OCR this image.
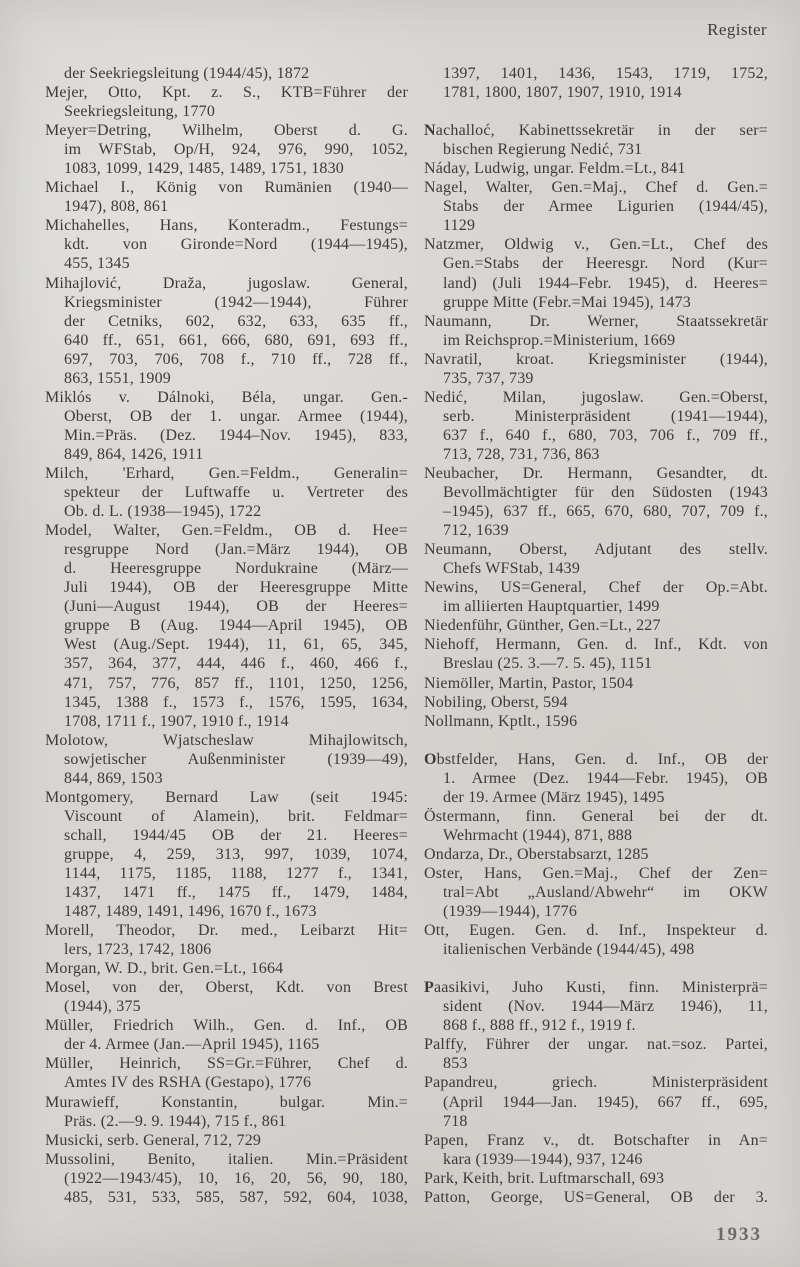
Register
der Seekriegsleitung (1944/45), 1872
Mejer, Otto, Kpt. z. S., KTB=Führer der
Seekriegsleitung, 1770
Meyer=Detring, Wilhelm, Oberst d. G.
im WFStab, Op/H, 924, 976, 990, 1052,
1083, 1099, 1429, 1485, 1489, 1751, 1830
Michael I., König von Rumänien (1940—
1947), 808, 861
Michahelles, Hans, Konteradm., Festungs=
kdt. von Gironde=Nord (1944—1945),
455, 1345
Mihajlović, Draža, jugoslaw. General,
Kriegsminister (1942—1944), Führer
der Cetniks, 602, 632, 633, 635 ff.,
640 ff., 651, 661, 666, 680, 691, 693 ff.,
697, 703, 706, 708 f., 710 ff., 728 ff.,
863, 1551, 1909
Miklós v. Dálnoki, Béla, ungar. Gen.-
Oberst, OB der 1. ungar. Armee (1944),
Min.=Präs. (Dez. 1944–Nov. 1945), 833,
849, 864, 1426, 1911
Milch, 'Erhard, Gen.=Feldm., Generalin=
spekteur der Luftwaffe u. Vertreter des
Ob. d. L. (1938—1945), 1722
Model, Walter, Gen.=Feldm., OB d. Hee=
resgruppe Nord (Jan.=März 1944), OB
d. Heeresgruppe Nordukraine (März—
Juli 1944), OB der Heeresgruppe Mitte
(Juni—August 1944), OB der Heeres=
gruppe B (Aug. 1944—April 1945), OB
West (Aug./Sept. 1944), 11, 61, 65, 345,
357, 364, 377, 444, 446 f., 460, 466 f.,
471, 757, 776, 857 ff., 1101, 1250, 1256,
1345, 1388 f., 1573 f., 1576, 1595, 1634,
1708, 1711 f., 1907, 1910 f., 1914
Molotow, Wjatscheslaw Mihajlowitsch,
sowjetischer Außenminister (1939—49),
844, 869, 1503
Montgomery, Bernard Law (seit 1945:
Viscount of Alamein), brit. Feldmar=
schall, 1944/45 OB der 21. Heeres=
gruppe, 4, 259, 313, 997, 1039, 1074,
1144, 1175, 1185, 1188, 1277 f., 1341,
1437, 1471 ff., 1475 ff., 1479, 1484,
1487, 1489, 1491, 1496, 1670 f., 1673
Morell, Theodor, Dr. med., Leibarzt Hit=
lers, 1723, 1742, 1806
Morgan, W. D., brit. Gen.=Lt., 1664
Mosel, von der, Oberst, Kdt. von Brest
(1944), 375
Müller, Friedrich Wilh., Gen. d. Inf., OB
der 4. Armee (Jan.—April 1945), 1165
Müller, Heinrich, SS=Gr.=Führer, Chef d.
Amtes IV des RSHA (Gestapo), 1776
Murawieff, Konstantin, bulgar. Min.=
Präs. (2.—9. 9. 1944), 715 f., 861
Musicki, serb. General, 712, 729
Mussolini, Benito, italien. Min.=Präsident
(1922—1943/45), 10, 16, 20, 56, 90, 180,
485, 531, 533, 585, 587, 592, 604, 1038,
1397, 1401, 1436, 1543, 1719, 1752,
1781, 1800, 1807, 1907, 1910, 1914
Nachalloć, Kabinettssekretär in der ser=
bischen Regierung Nedić, 731
Náday, Ludwig, ungar. Feldm.=Lt., 841
Nagel, Walter, Gen.=Maj., Chef d. Gen.=
Stabs der Armee Ligurien (1944/45),
1129
Natzmer, Oldwig v., Gen.=Lt., Chef des
Gen.=Stabs der Heeresgr. Nord (Kur=
land) (Juli 1944–Febr. 1945), d. Heeres=
gruppe Mitte (Febr.=Mai 1945), 1473
Naumann, Dr. Werner, Staatssekretär
im Reichsprop.=Ministerium, 1669
Navratil, kroat. Kriegsminister (1944),
735, 737, 739
Nedić, Milan, jugoslaw. Gen.=Oberst,
serb. Ministerpräsident (1941—1944),
637 f., 640 f., 680, 703, 706 f., 709 ff.,
713, 728, 731, 736, 863
Neubacher, Dr. Hermann, Gesandter, dt.
Bevollmächtigter für den Südosten (1943
–1945), 637 ff., 665, 670, 680, 707, 709 f.,
712, 1639
Neumann, Oberst, Adjutant des stellv.
Chefs WFStab, 1439
Newins, US=General, Chef der Op.=Abt.
im alliierten Hauptquartier, 1499
Niedenführ, Günther, Gen.=Lt., 227
Niehoff, Hermann, Gen. d. Inf., Kdt. von
Breslau (25. 3.—7. 5. 45), 1151
Niemöller, Martin, Pastor, 1504
Nobiling, Oberst, 594
Nollmann, Kptlt., 1596
Obstfelder, Hans, Gen. d. Inf., OB der
1. Armee (Dez. 1944—Febr. 1945), OB
der 19. Armee (März 1945), 1495
Östermann, finn. General bei der dt.
Wehrmacht (1944), 871, 888
Ondarza, Dr., Oberstabsarzt, 1285
Oster, Hans, Gen.=Maj., Chef der Zen=
tral=Abt „Ausland/Abwehr“ im OKW
(1939—1944), 1776
Ott, Eugen. Gen. d. Inf., Inspekteur d.
italienischen Verbände (1944/45), 498
Paasikivi, Juho Kusti, finn. Ministerprä=
sident (Nov. 1944—März 1946), 11,
868 f., 888 ff., 912 f., 1919 f.
Palffy, Führer der ungar. nat.=soz. Partei,
853
Papandreu, griech. Ministerpräsident
(April 1944—Jan. 1945), 667 ff., 695,
718
Papen, Franz v., dt. Botschafter in An=
kara (1939—1944), 937, 1246
Park, Keith, brit. Luftmarschall, 693
Patton, George, US=General, OB der 3.
1933
